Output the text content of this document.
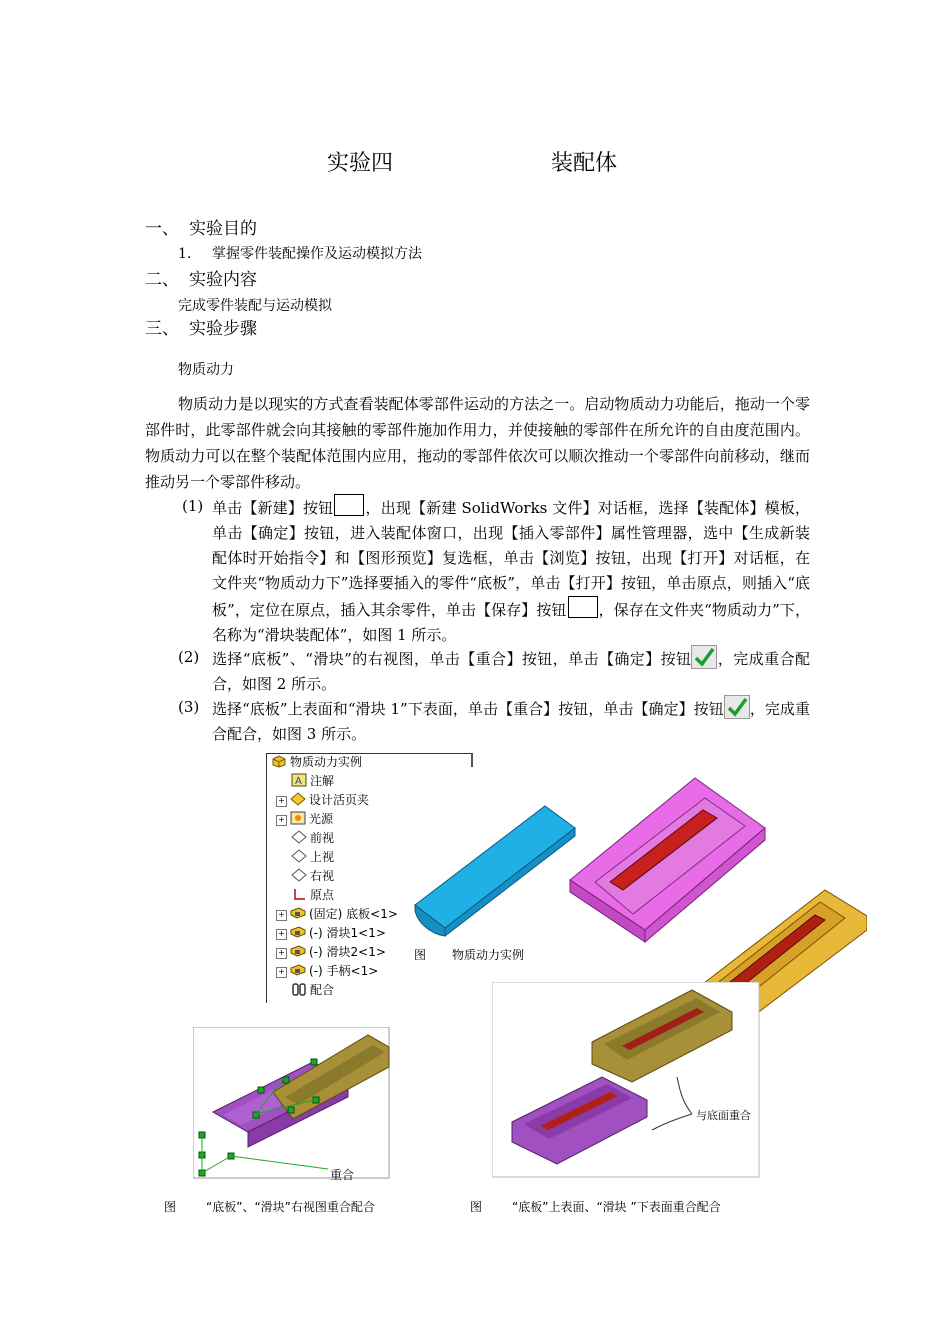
实验四	装配体
一、 实验目的
1. 掌握零件装配操作及运动模拟方法
二、 实验内容
完成零件装配与运动模拟
三、 实验步骤
物质动力

物质动力是以现实的方式查看装配体零部件运动的方法之一。启动物质动力功能后，拖动一个零部件时，此零部件就会向其接触的零部件施加作用力，并使接触的零部件在所允许的自由度范围内。物质动力可以在整个装配体范围内应用，拖动的零部件依次可以顺次推动一个零部件向前移动，继而推动另一个零部件移动。

(1) 单击【新建】按钮 ，出现【新建 SolidWorks 文件】对话框，选择【装配体】模板，单击【确定】按钮，进入装配体窗口，出现【插入零部件】属性管理器，选中【生成新装配体时开始指令】和【图形预览】复选框，单击【浏览】按钮，出现【打开】对话框，在文件夹“物质动力下”选择要插入的零件“底板”，单击【打开】按钮，单击原点，则插入“底板”，定位在原点，插入其余零件，单击【保存】按钮 ，保存在文件夹“物质动力”下，名称为“滑块装配体”，如图 1 所示。
(2) 选择“底板”、“滑块”的右视图，单击【重合】按钮，单击【确定】按钮 ，完成重合配合，如图 2 所示。
(3) 选择“底板”上表面和“滑块 1”下表面，单击【重合】按钮，单击【确定】按钮 ，完成重合配合，如图 3 所示。
物质动力实例
A 注解
+ 设计活页夹
+ 光源
前视
上视
右视
原点
+ (固定) 底板<1>
+ (-) 滑块1<1>
+ (-) 滑块2<1>
+ (-) 手柄<1>
配合
图 物质动力实例
重合
图	“底板”、“滑块”右视图重合配合
与底面重合
图	“底板”上表面、“滑块 ”下表面重合配合
